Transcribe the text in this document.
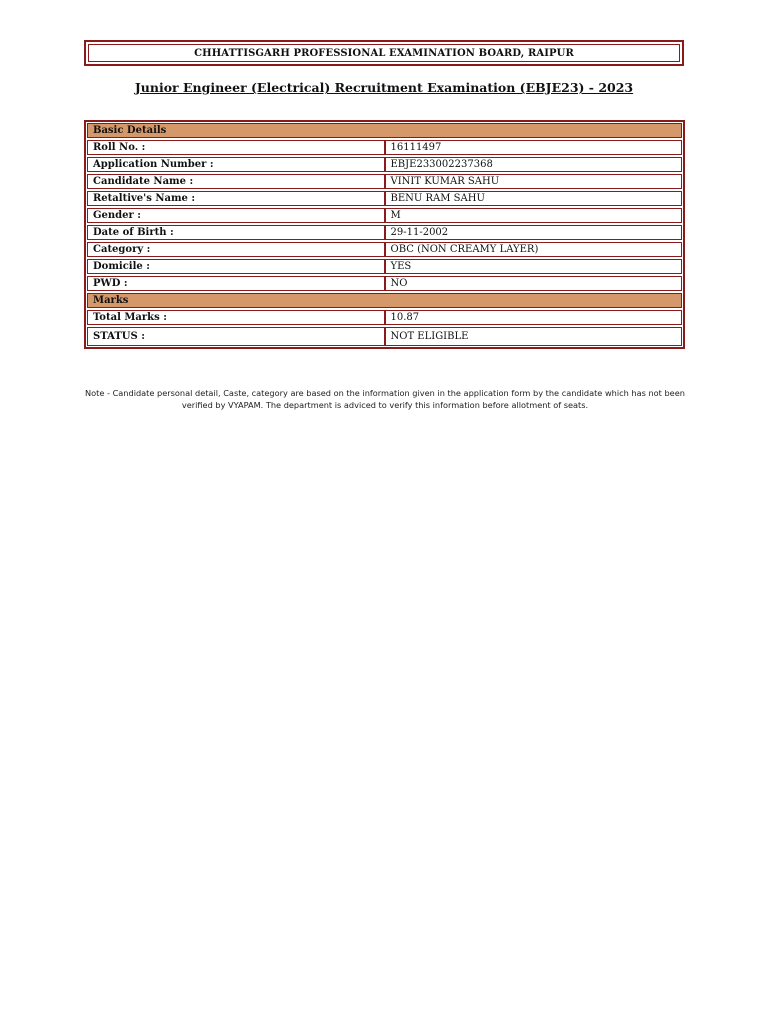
CHHATTISGARH PROFESSIONAL EXAMINATION BOARD, RAIPUR
Junior Engineer (Electrical) Recruitment Examination (EBJE23) - 2023
Basic Details	
Roll No. :	16111497
Application Number :	EBJE233002237368
Candidate Name :	VINIT KUMAR SAHU
Retaltive's Name :	BENU RAM SAHU
Gender :	M
Date of Birth :	29-11-2002
Category :	OBC (NON CREAMY LAYER)
Domicile :	YES
PWD :	NO
Marks	
Total Marks :	10.87
STATUS :	NOT ELIGIBLE
Note - Candidate personal detail, Caste, category are based on the information given in the application form by the candidate which has not been verified by VYAPAM. The department is adviced to verify this information before allotment of seats.
